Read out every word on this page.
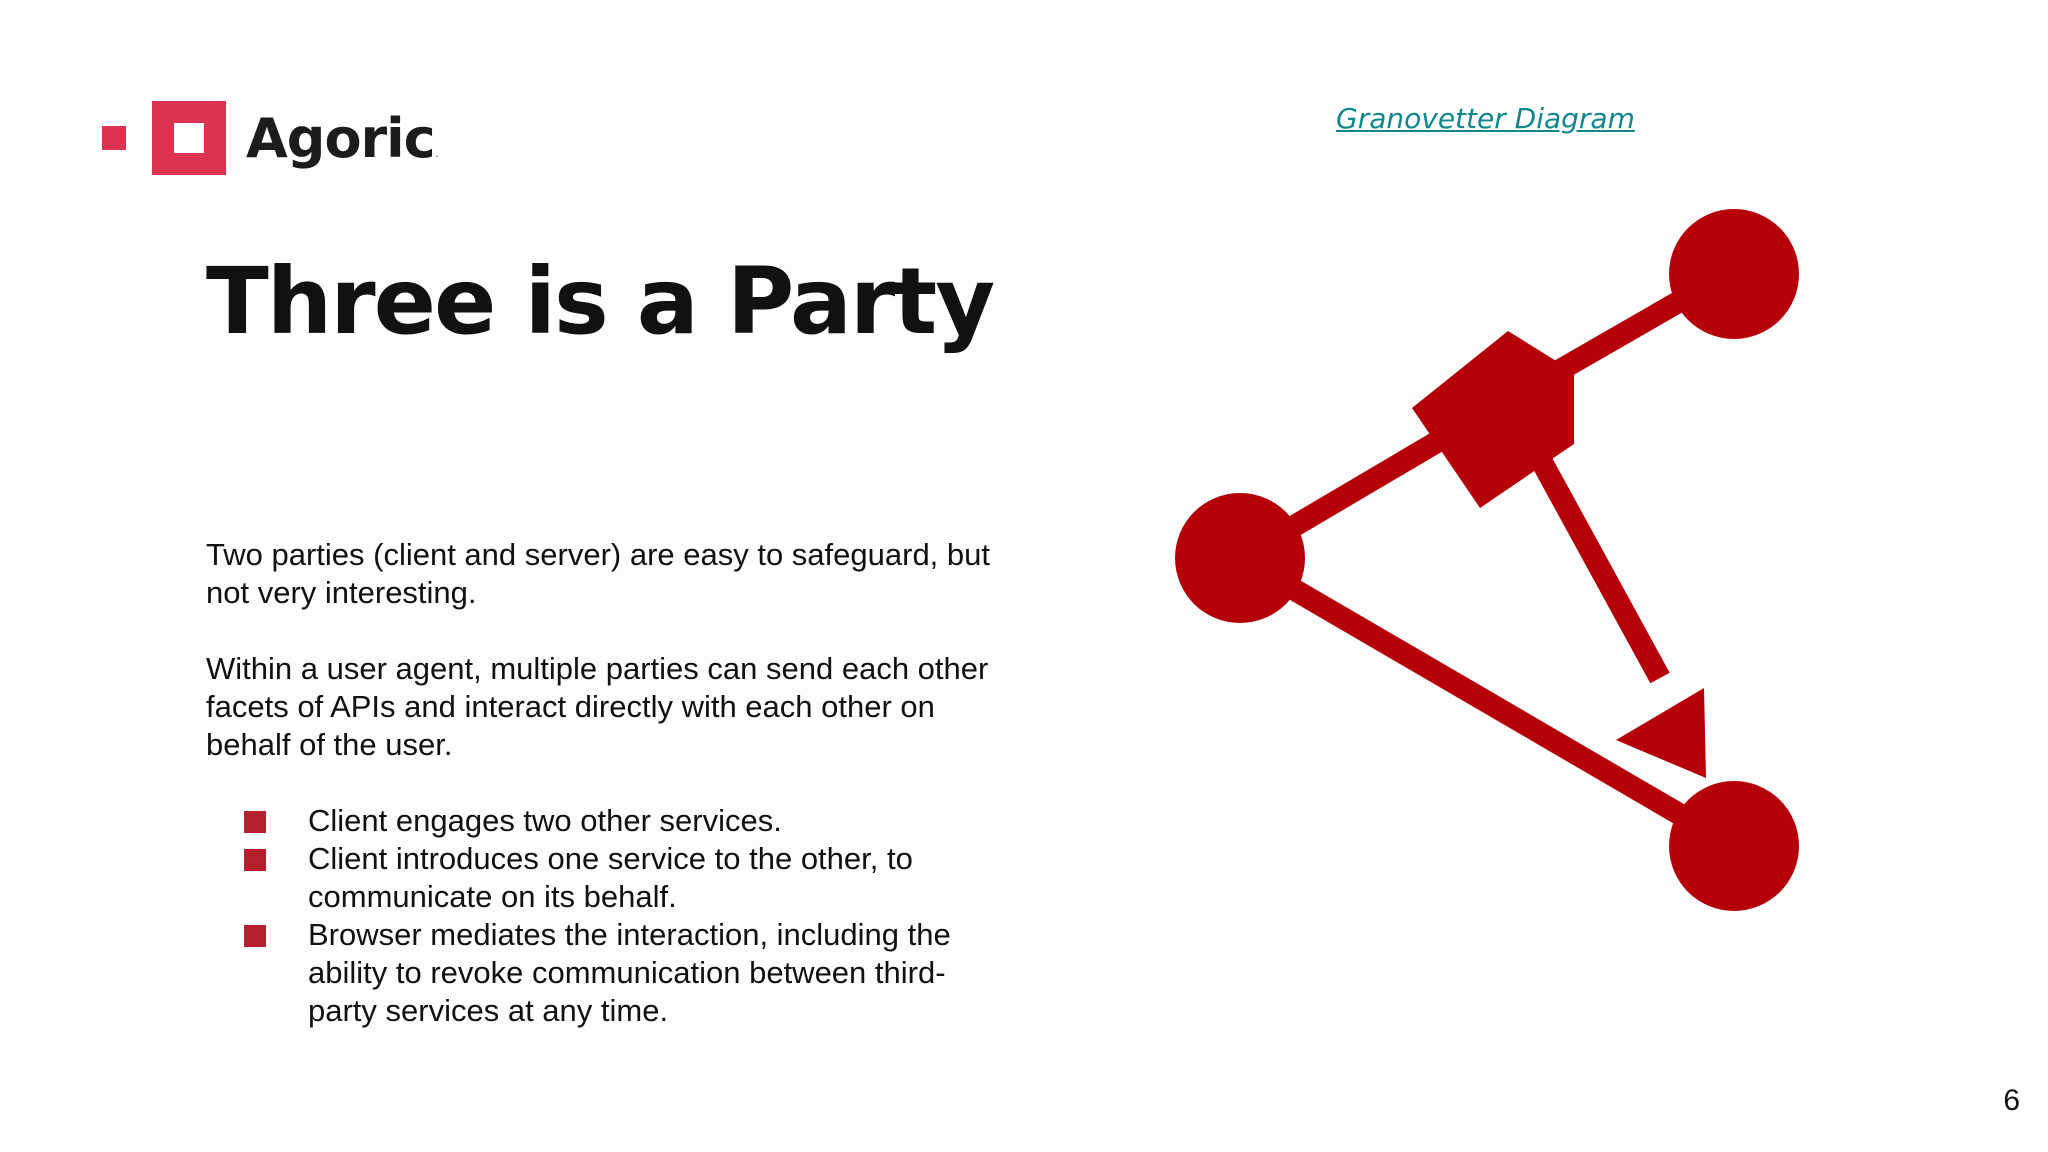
Agoric .
Granovetter Diagram
Three is a Party

Two parties (client and server) are easy to safeguard, but not very interesting.

Within a user agent, multiple parties can send each other facets of APIs and interact directly with each other on behalf of the user.

Client engages two other services.
Client introduces one service to the other, to communicate on its behalf.
Browser mediates the interaction, including the ability to revoke communication between third-party services at any time.
6
